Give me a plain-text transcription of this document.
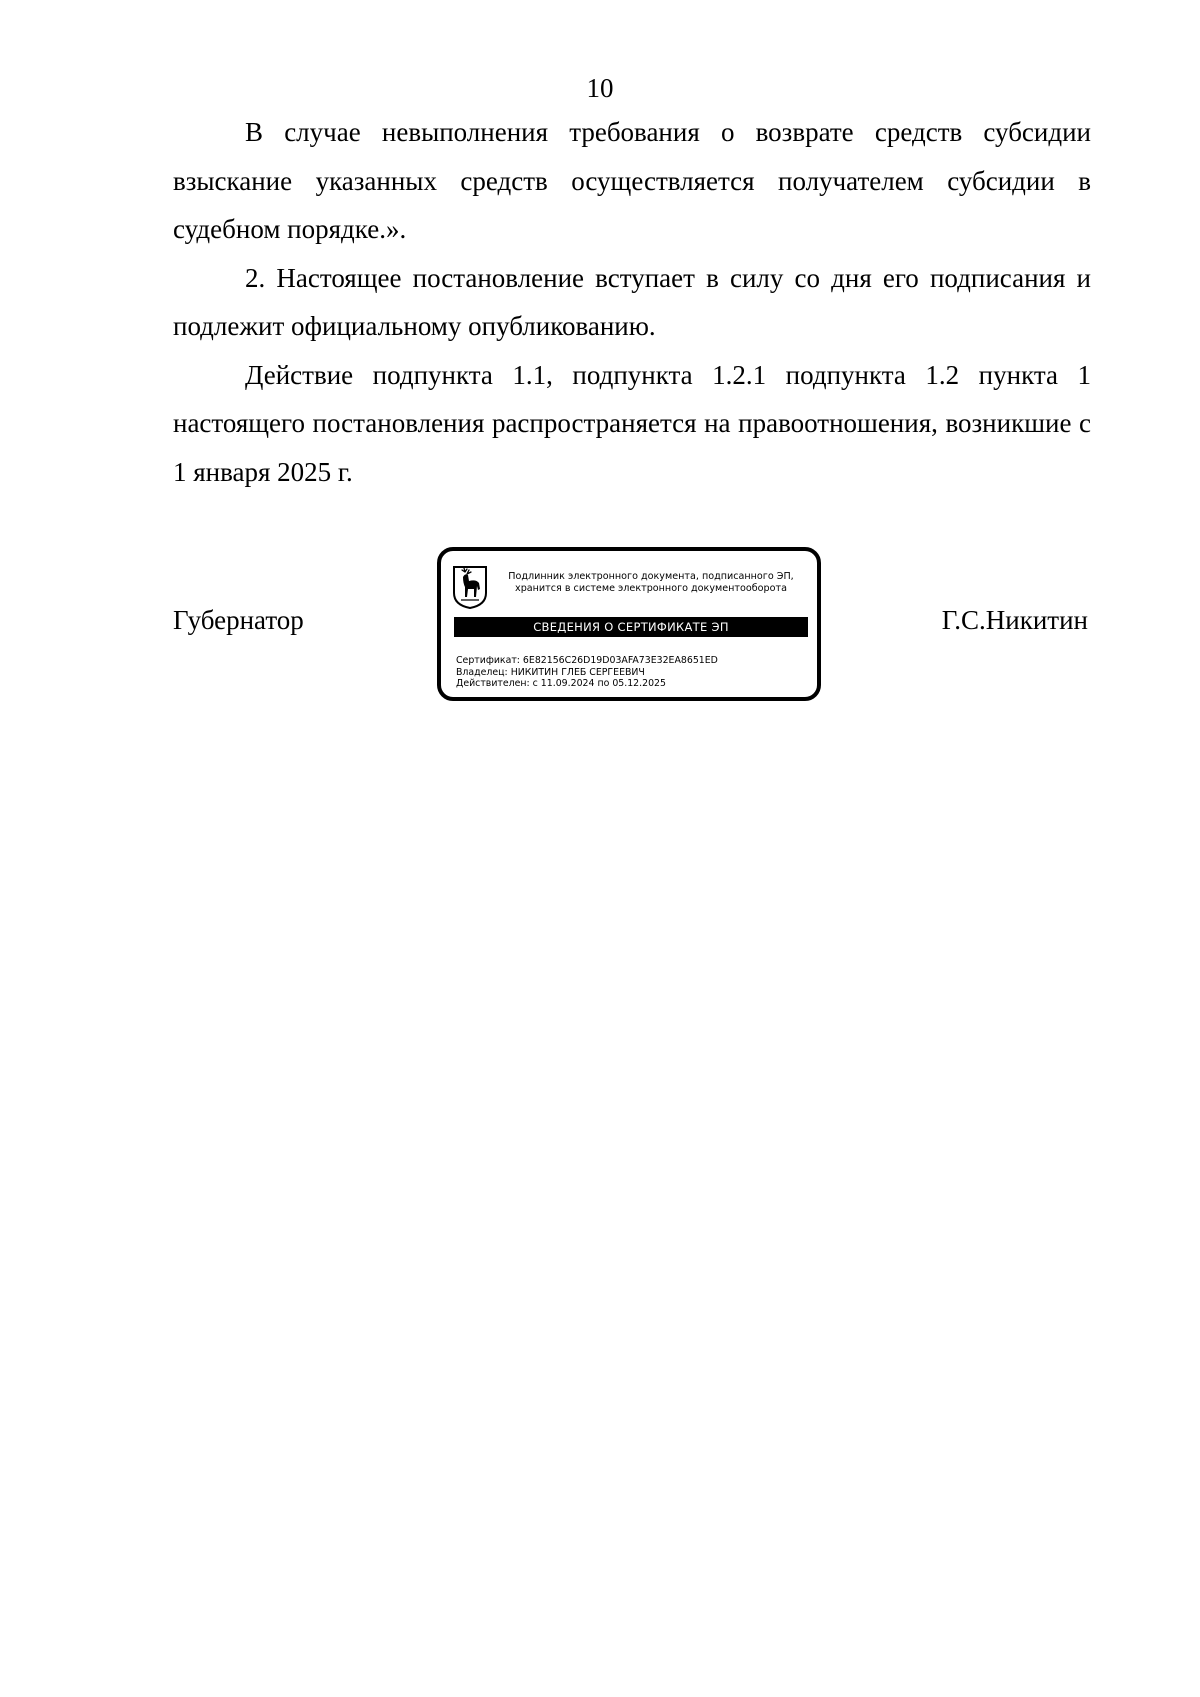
10

В случае невыполнения требования о возврате средств субсидии взыскание указанных средств осуществляется получателем субсидии в судебном порядке.».

2. Настоящее постановление вступает в силу со дня его подписания и подлежит официальному опубликованию.

Действие подпункта 1.1, подпункта 1.2.1 подпункта 1.2 пункта 1 настоящего постановления распространяется на правоотношения, возникшие с 1 января 2025 г.

Губернатор
Подлинник электронного документа, подписанного ЭП,
хранится в системе электронного документооборота
СВЕДЕНИЯ О СЕРТИФИКАТЕ ЭП
Сертификат: 6E82156C26D19D03AFA73E32EA8651ED
Владелец: НИКИТИН ГЛЕБ СЕРГЕЕВИЧ
Действителен: с 11.09.2024 по 05.12.2025
Г.С.Никитин
